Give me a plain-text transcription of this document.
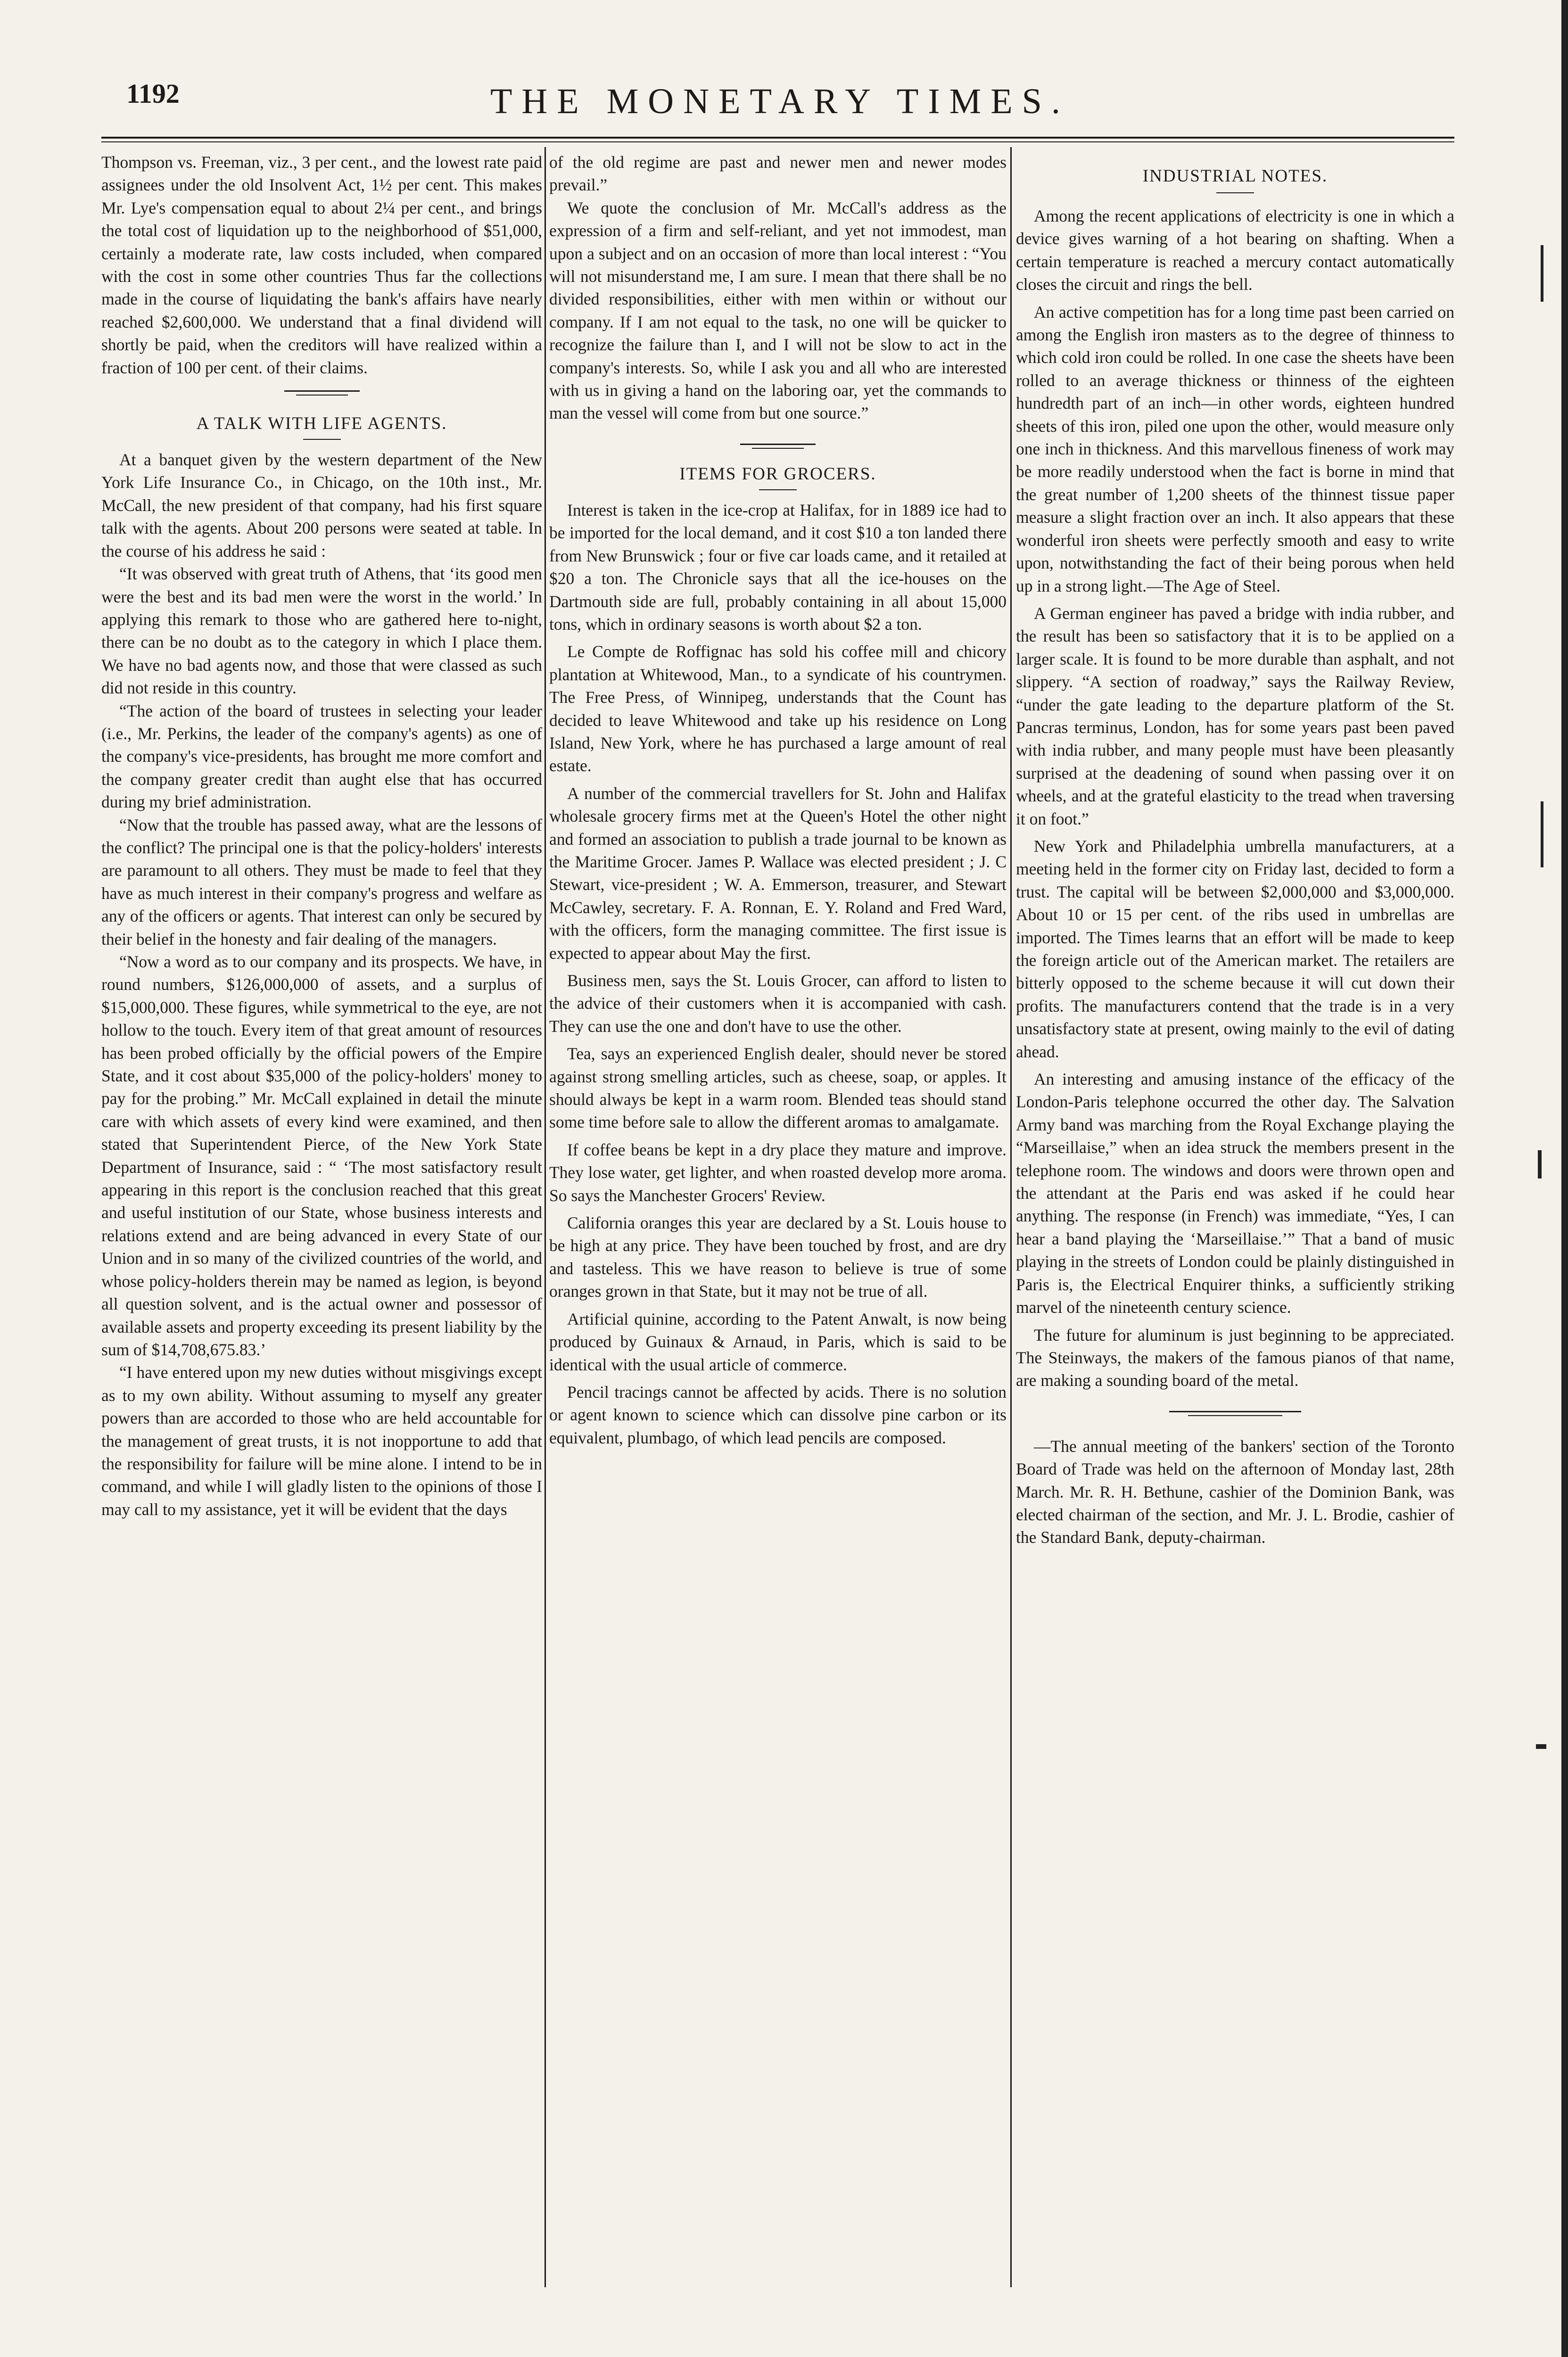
1192	THE MONETARY TIMES.

Thompson vs. Freeman, viz., 3 per cent., and the lowest rate paid assignees under the old Insolvent Act, 1½ per cent. This makes Mr. Lye's compensation equal to about 2¼ per cent., and brings the total cost of liquidation up to the neighborhood of $51,000, certainly a moderate rate, law costs included, when compared with the cost in some other countries Thus far the collections made in the course of liquidating the bank's affairs have nearly reached $2,600,000. We understand that a final dividend will shortly be paid, when the creditors will have realized within a fraction of 100 per cent. of their claims.

A TALK WITH LIFE AGENTS.

At a banquet given by the western department of the New York Life Insurance Co., in Chicago, on the 10th inst., Mr. McCall, the new president of that company, had his first square talk with the agents. About 200 persons were seated at table. In the course of his address he said :

“It was observed with great truth of Athens, that ‘its good men were the best and its bad men were the worst in the world.’ In applying this remark to those who are gathered here to-night, there can be no doubt as to the category in which I place them. We have no bad agents now, and those that were classed as such did not reside in this country.

“The action of the board of trustees in selecting your leader (i.e., Mr. Perkins, the leader of the company's agents) as one of the company's vice-presidents, has brought me more comfort and the company greater credit than aught else that has occurred during my brief administration.

“Now that the trouble has passed away, what are the lessons of the conflict? The principal one is that the policy-holders' interests are paramount to all others. They must be made to feel that they have as much interest in their company's progress and welfare as any of the officers or agents. That interest can only be secured by their belief in the honesty and fair dealing of the managers.

“Now a word as to our company and its prospects. We have, in round numbers, $126,000,000 of assets, and a surplus of $15,000,000. These figures, while symmetrical to the eye, are not hollow to the touch. Every item of that great amount of resources has been probed officially by the official powers of the Empire State, and it cost about $35,000 of the policy-holders' money to pay for the probing.” Mr. McCall explained in detail the minute care with which assets of every kind were examined, and then stated that Superintendent Pierce, of the New York State Department of Insurance, said : “ ‘The most satisfactory result appearing in this report is the conclusion reached that this great and useful institution of our State, whose business interests and relations extend and are being advanced in every State of our Union and in so many of the civilized countries of the world, and whose policy-holders therein may be named as legion, is beyond all question solvent, and is the actual owner and possessor of available assets and property exceeding its present liability by the sum of $14,708,675.83.’

“I have entered upon my new duties without misgivings except as to my own ability. Without assuming to myself any greater powers than are accorded to those who are held accountable for the management of great trusts, it is not inopportune to add that the responsibility for failure will be mine alone. I intend to be in command, and while I will gladly listen to the opinions of those I may call to my assistance, yet it will be evident that the days

of the old regime are past and newer men and newer modes prevail.”

We quote the conclusion of Mr. McCall's address as the expression of a firm and self-reliant, and yet not immodest, man upon a subject and on an occasion of more than local interest : “You will not misunderstand me, I am sure. I mean that there shall be no divided responsibilities, either with men within or without our company. If I am not equal to the task, no one will be quicker to recognize the failure than I, and I will not be slow to act in the company's interests. So, while I ask you and all who are interested with us in giving a hand on the laboring oar, yet the commands to man the vessel will come from but one source.”

ITEMS FOR GROCERS.

Interest is taken in the ice-crop at Halifax, for in 1889 ice had to be imported for the local demand, and it cost $10 a ton landed there from New Brunswick ; four or five car loads came, and it retailed at $20 a ton. The Chronicle says that all the ice-houses on the Dartmouth side are full, probably containing in all about 15,000 tons, which in ordinary seasons is worth about $2 a ton.

Le Compte de Roffignac has sold his coffee mill and chicory plantation at Whitewood, Man., to a syndicate of his countrymen. The Free Press, of Winnipeg, understands that the Count has decided to leave Whitewood and take up his residence on Long Island, New York, where he has purchased a large amount of real estate.

A number of the commercial travellers for St. John and Halifax wholesale grocery firms met at the Queen's Hotel the other night and formed an association to publish a trade journal to be known as the Maritime Grocer. James P. Wallace was elected president ; J. C Stewart, vice-president ; W. A. Emmerson, treasurer, and Stewart McCawley, secretary. F. A. Ronnan, E. Y. Roland and Fred Ward, with the officers, form the managing committee. The first issue is expected to appear about May the first.

Business men, says the St. Louis Grocer, can afford to listen to the advice of their customers when it is accompanied with cash. They can use the one and don't have to use the other.

Tea, says an experienced English dealer, should never be stored against strong smelling articles, such as cheese, soap, or apples. It should always be kept in a warm room. Blended teas should stand some time before sale to allow the different aromas to amalgamate.

If coffee beans be kept in a dry place they mature and improve. They lose water, get lighter, and when roasted develop more aroma. So says the Manchester Grocers' Review.

California oranges this year are declared by a St. Louis house to be high at any price. They have been touched by frost, and are dry and tasteless. This we have reason to believe is true of some oranges grown in that State, but it may not be true of all.

Artificial quinine, according to the Patent Anwalt, is now being produced by Guinaux & Arnaud, in Paris, which is said to be identical with the usual article of commerce.

Pencil tracings cannot be affected by acids. There is no solution or agent known to science which can dissolve pine carbon or its equivalent, plumbago, of which lead pencils are composed.

INDUSTRIAL NOTES.

Among the recent applications of electricity is one in which a device gives warning of a hot bearing on shafting. When a certain temperature is reached a mercury contact automatically closes the circuit and rings the bell.

An active competition has for a long time past been carried on among the English iron masters as to the degree of thinness to which cold iron could be rolled. In one case the sheets have been rolled to an average thickness or thinness of the eighteen hundredth part of an inch—in other words, eighteen hundred sheets of this iron, piled one upon the other, would measure only one inch in thickness. And this marvellous fineness of work may be more readily understood when the fact is borne in mind that the great number of 1,200 sheets of the thinnest tissue paper measure a slight fraction over an inch. It also appears that these wonderful iron sheets were perfectly smooth and easy to write upon, notwithstanding the fact of their being porous when held up in a strong light.—The Age of Steel.

A German engineer has paved a bridge with india rubber, and the result has been so satisfactory that it is to be applied on a larger scale. It is found to be more durable than asphalt, and not slippery. “A section of roadway,” says the Railway Review, “under the gate leading to the departure platform of the St. Pancras terminus, London, has for some years past been paved with india rubber, and many people must have been pleasantly surprised at the deadening of sound when passing over it on wheels, and at the grateful elasticity to the tread when traversing it on foot.”

New York and Philadelphia umbrella manufacturers, at a meeting held in the former city on Friday last, decided to form a trust. The capital will be between $2,000,000 and $3,000,000. About 10 or 15 per cent. of the ribs used in umbrellas are imported. The Times learns that an effort will be made to keep the foreign article out of the American market. The retailers are bitterly opposed to the scheme because it will cut down their profits. The manufacturers contend that the trade is in a very unsatisfactory state at present, owing mainly to the evil of dating ahead.

An interesting and amusing instance of the efficacy of the London-Paris telephone occurred the other day. The Salvation Army band was marching from the Royal Exchange playing the “Marseillaise,” when an idea struck the members present in the telephone room. The windows and doors were thrown open and the attendant at the Paris end was asked if he could hear anything. The response (in French) was immediate, “Yes, I can hear a band playing the ‘Marseillaise.’” That a band of music playing in the streets of London could be plainly distinguished in Paris is, the Electrical Enquirer thinks, a sufficiently striking marvel of the nineteenth century science.

The future for aluminum is just beginning to be appreciated. The Steinways, the makers of the famous pianos of that name, are making a sounding board of the metal.

—The annual meeting of the bankers' section of the Toronto Board of Trade was held on the afternoon of Monday last, 28th March. Mr. R. H. Bethune, cashier of the Dominion Bank, was elected chairman of the section, and Mr. J. L. Brodie, cashier of the Standard Bank, deputy-chairman.
